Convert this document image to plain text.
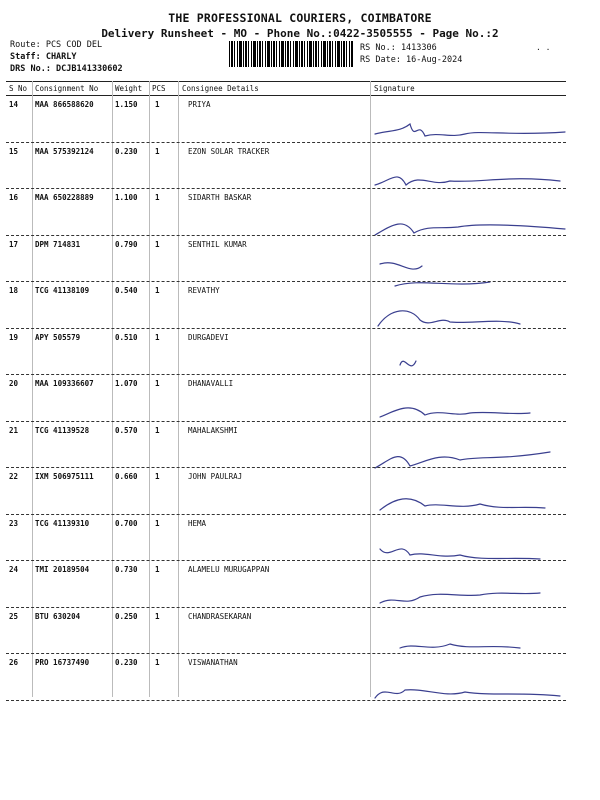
THE PROFESSIONAL COURIERS, COIMBATORE
Delivery Runsheet - MO - Phone No.:0422-3505555 - Page No.:2
Route: PCS COD DEL
Staff: CHARLY
DRS No.: DCJB141330602
RS No.: 1413306
RS Date: 16-Aug-2024
· ·
S No Consignment No Weight PCS Consignee Details	Signature
14 MAA 866588620	1.150 1	PRIYA
15 MAA 575392124	0.230 1	EZON SOLAR TRACKER
16 MAA 650228889	1.100 1	SIDARTH BASKAR
17 DPM 714831	0.790 1	SENTHIL KUMAR
18 TCG 41138109	0.540 1	REVATHY
19 APY 505579	0.510 1	DURGADEVI
20 MAA 109336607	1.070 1	DHANAVALLI
21 TCG 41139528	0.570 1	MAHALAKSHMI
22 IXM 506975111	0.660 1	JOHN PAULRAJ
23 TCG 41139310	0.700 1	HEMA
24 TMI 20189504	0.730 1	ALAMELU MURUGAPPAN
25 BTU 630204	0.250 1	CHANDRASEKARAN
26 PRO 16737490	0.230 1	VISWANATHAN
